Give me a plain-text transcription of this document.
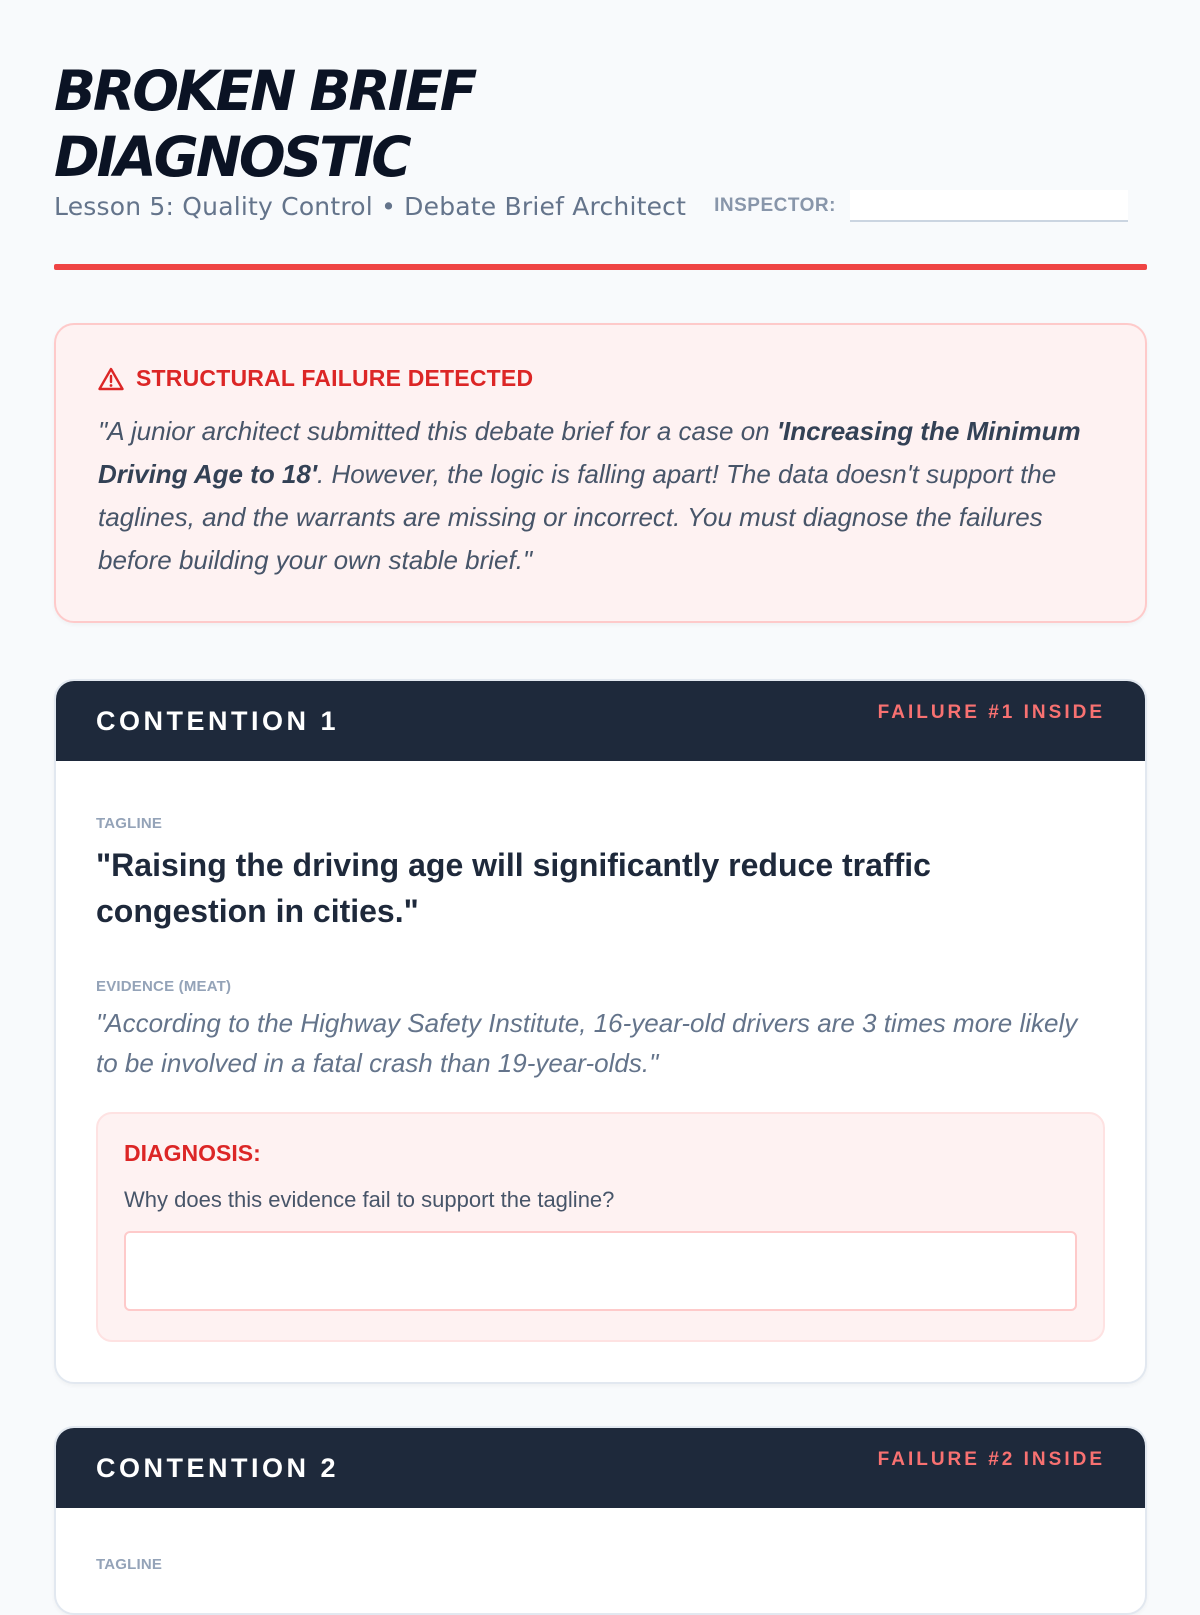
BROKEN BRIEF DIAGNOSTIC
Lesson 5: Quality Control • Debate Brief Architect INSPECTOR:
STRUCTURAL FAILURE DETECTED
"A junior architect submitted this debate brief for a case on 'Increasing the Minimum Driving Age to 18'. However, the logic is falling apart! The data doesn't support the taglines, and the warrants are missing or incorrect. You must diagnose the failures before building your own stable brief."
CONTENTION 1	FAILURE #1 INSIDE
TAGLINE
"Raising the driving age will significantly reduce traffic congestion in cities."
EVIDENCE (MEAT)
"According to the Highway Safety Institute, 16-year-old drivers are 3 times more likely to be involved in a fatal crash than 19-year-olds."
DIAGNOSIS:
Why does this evidence fail to support the tagline?
CONTENTION 2	FAILURE #2 INSIDE
TAGLINE
